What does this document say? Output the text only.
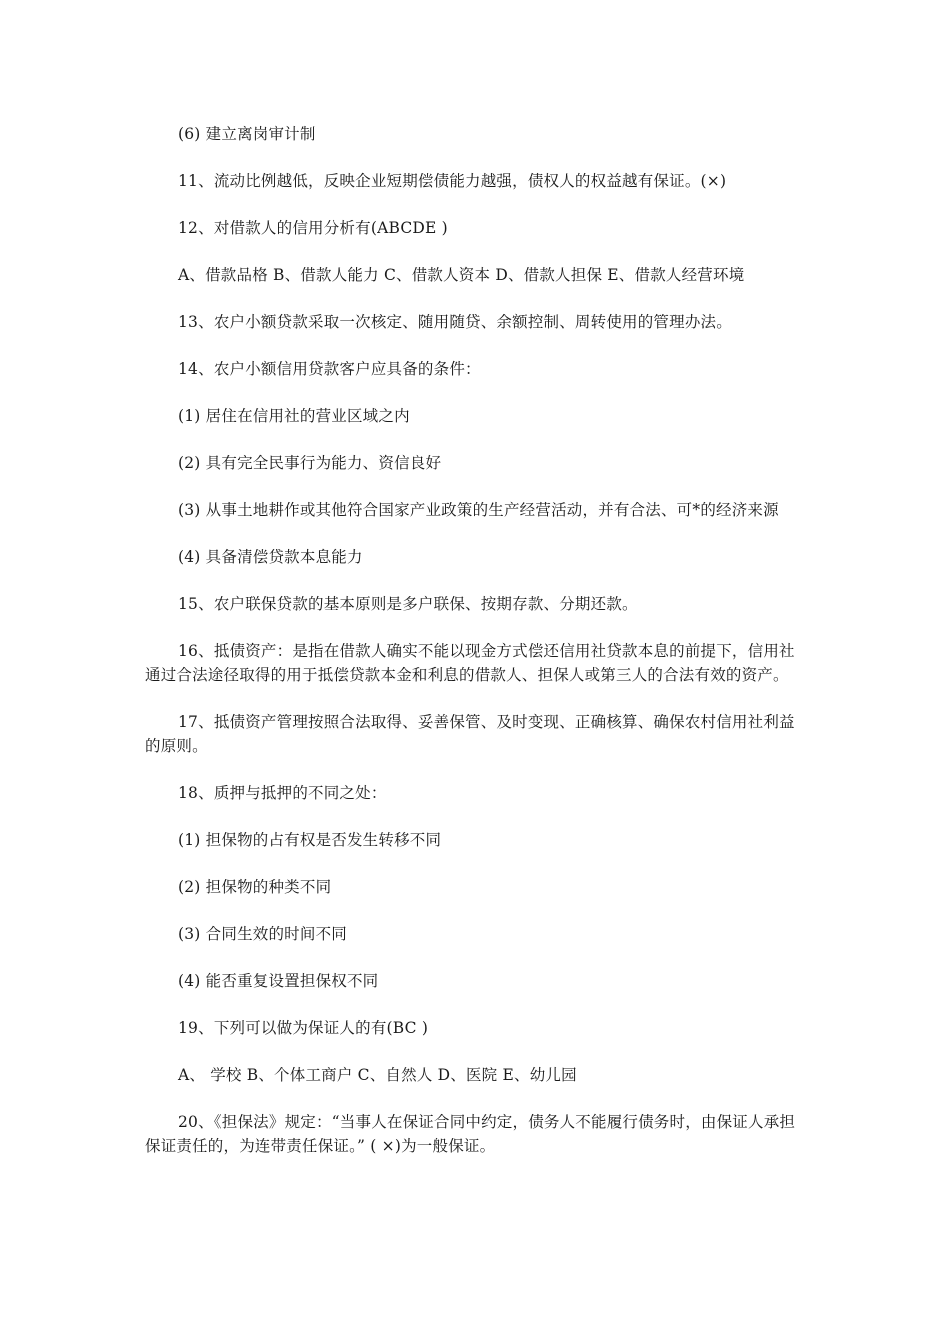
(6) 建立离岗审计制

11、流动比例越低，反映企业短期偿债能力越强，债权人的权益越有保证。(×)

12、对借款人的信用分析有(ABCDE )

A、借款品格 B、借款人能力 C、借款人资本 D、借款人担保 E、借款人经营环境

13、农户小额贷款采取一次核定、随用随贷、余额控制、周转使用的管理办法。

14、农户小额信用贷款客户应具备的条件：

(1) 居住在信用社的营业区域之内

(2) 具有完全民事行为能力、资信良好

(3) 从事土地耕作或其他符合国家产业政策的生产经营活动，并有合法、可*的经济来源

(4) 具备清偿贷款本息能力

15、农户联保贷款的基本原则是多户联保、按期存款、分期还款。

16、抵债资产：是指在借款人确实不能以现金方式偿还信用社贷款本息的前提下，信用社通过合法途径取得的用于抵偿贷款本金和利息的借款人、担保人或第三人的合法有效的资产。

17、抵债资产管理按照合法取得、妥善保管、及时变现、正确核算、确保农村信用社利益的原则。

18、质押与抵押的不同之处：

(1) 担保物的占有权是否发生转移不同

(2) 担保物的种类不同

(3) 合同生效的时间不同

(4) 能否重复设置担保权不同

19、下列可以做为保证人的有(BC )

A、 学校 B、个体工商户 C、自然人 D、医院 E、幼儿园

20、《担保法》规定：“当事人在保证合同中约定，债务人不能履行债务时，由保证人承担保证责任的，为连带责任保证。” ( ×)为一般保证。
